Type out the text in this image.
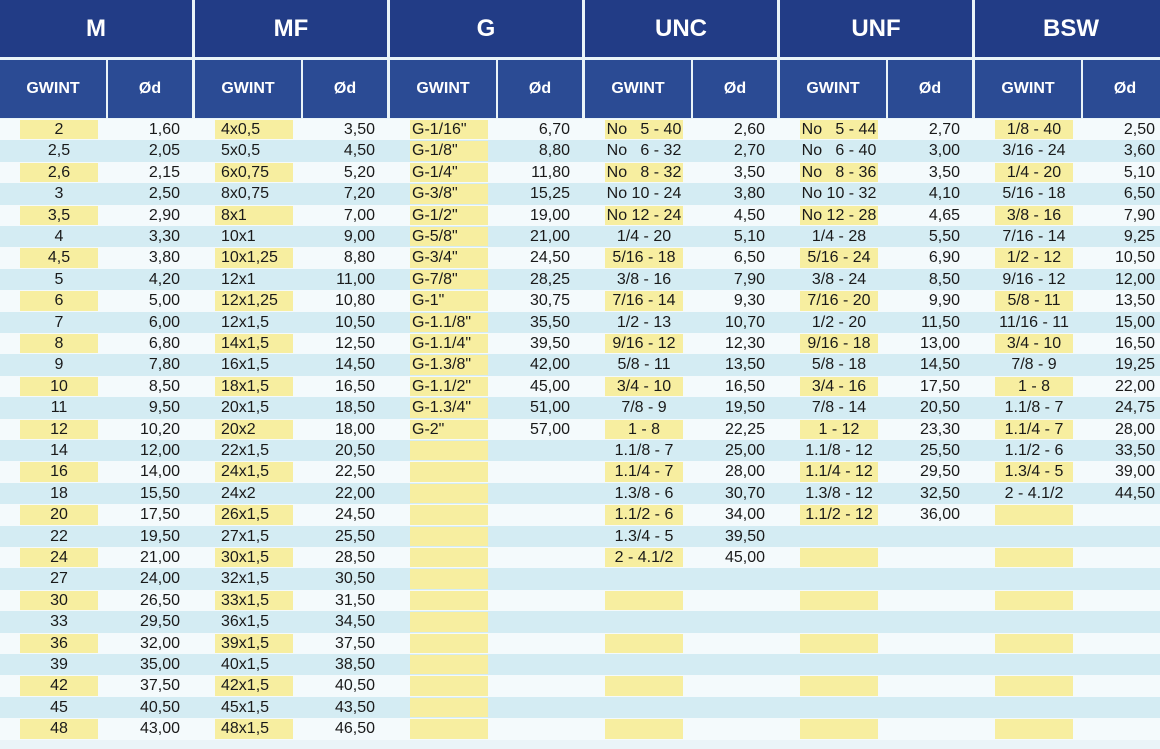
M
GWINT	Ød
2	1,60
2,5	2,05
2,6	2,15
3	2,50
3,5	2,90
4	3,30
4,5	3,80
5	4,20
6	5,00
7	6,00
8	6,80
9	7,80
10	8,50
11	9,50
12	10,20
14	12,00
16	14,00
18	15,50
20	17,50
22	19,50
24	21,00
27	24,00
30	26,50
33	29,50
36	32,00
39	35,00
42	37,50
45	40,50
48	43,00
MF
GWINT	Ød
4x0,5	3,50
5x0,5	4,50
6x0,75	5,20
8x0,75	7,20
8x1	7,00
10x1	9,00
10x1,25	8,80
12x1	11,00
12x1,25	10,80
12x1,5	10,50
14x1,5	12,50
16x1,5	14,50
18x1,5	16,50
20x1,5	18,50
20x2	18,00
22x1,5	20,50
24x1,5	22,50
24x2	22,00
26x1,5	24,50
27x1,5	25,50
30x1,5	28,50
32x1,5	30,50
33x1,5	31,50
36x1,5	34,50
39x1,5	37,50
40x1,5	38,50
42x1,5	40,50
45x1,5	43,50
48x1,5	46,50
G
GWINT	Ød
G-1/16"	6,70
G-1/8"	8,80
G-1/4"	11,80
G-3/8"	15,25
G-1/2"	19,00
G-5/8"	21,00
G-3/4"	24,50
G-7/8"	28,25
G-1"	30,75
G-1.1/8"	35,50
G-1.1/4"	39,50
G-1.3/8"	42,00
G-1.1/2"	45,00
G-1.3/4"	51,00
G-2"	57,00
UNC
GWINT	Ød
No   5 - 40	2,60
No   6 - 32	2,70
No   8 - 32	3,50
No 10 - 24	3,80
No 12 - 24	4,50
1/4 - 20	5,10
5/16 - 18	6,50
3/8 - 16	7,90
7/16 - 14	9,30
1/2 - 13	10,70
9/16 - 12	12,30
5/8 - 11	13,50
3/4 - 10	16,50
7/8 - 9	19,50
1 - 8	22,25
1.1/8 - 7	25,00
1.1/4 - 7	28,00
1.3/8 - 6	30,70
1.1/2 - 6	34,00
1.3/4 - 5	39,50
2 - 4.1/2	45,00
UNF
GWINT	Ød
No   5 - 44	2,70
No   6 - 40	3,00
No   8 - 36	3,50
No 10 - 32	4,10
No 12 - 28	4,65
1/4 - 28	5,50
5/16 - 24	6,90
3/8 - 24	8,50
7/16 - 20	9,90
1/2 - 20	11,50
9/16 - 18	13,00
5/8 - 18	14,50
3/4 - 16	17,50
7/8 - 14	20,50
1 - 12	23,30
1.1/8 - 12	25,50
1.1/4 - 12	29,50
1.3/8 - 12	32,50
1.1/2 - 12	36,00
BSW
GWINT	Ød
1/8 - 40	2,50
3/16 - 24	3,60
1/4 - 20	5,10
5/16 - 18	6,50
3/8 - 16	7,90
7/16 - 14	9,25
1/2 - 12	10,50
9/16 - 12	12,00
5/8 - 11	13,50
11/16 - 11	15,00
3/4 - 10	16,50
7/8 - 9	19,25
1 - 8	22,00
1.1/8 - 7	24,75
1.1/4 - 7	28,00
1.1/2 - 6	33,50
1.3/4 - 5	39,00
2 - 4.1/2	44,50
